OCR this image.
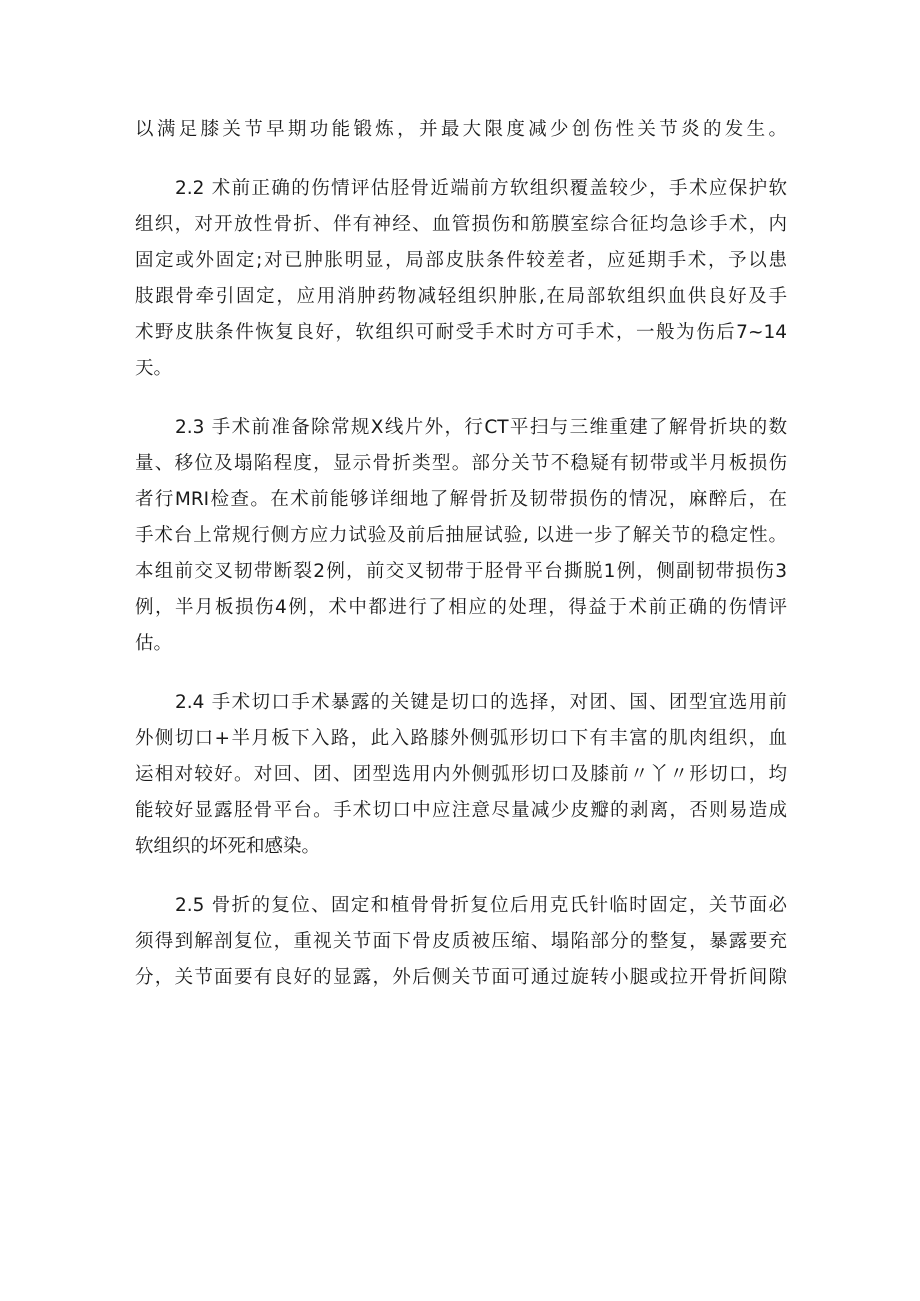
以满足膝关节早期功能锻炼，并最大限度减少创伤性关节炎的发生。
2.2 术前正确的伤情评估胫骨近端前方软组织覆盖较少，手术应保护软
组织，对开放性骨折、伴有神经、血管损伤和筋膜室综合征均急诊手术，内
固定或外固定;对已肿胀明显，局部皮肤条件较差者，应延期手术，予以患
肢跟骨牵引固定，应用消肿药物减轻组织肿胀,在局部软组织血供良好及手
术野皮肤条件恢复良好，软组织可耐受手术时方可手术，一般为伤后7~14
天。
2.3 手术前准备除常规X线片外，行CT平扫与三维重建了解骨折块的数
量、移位及塌陷程度，显示骨折类型。部分关节不稳疑有韧带或半月板损伤
者行MRI检查。在术前能够详细地了解骨折及韧带损伤的情况，麻醉后，在
手术台上常规行侧方应力试验及前后抽屉试验, 以进一步了解关节的稳定性。
本组前交叉韧带断裂2例，前交叉韧带于胫骨平台撕脱1例，侧副韧带损伤3
例，半月板损伤4例，术中都进行了相应的处理，得益于术前正确的伤情评
估。
2.4 手术切口手术暴露的关键是切口的选择，对团、国、团型宜选用前
外侧切口+半月板下入路，此入路膝外侧弧形切口下有丰富的肌肉组织，血
运相对较好。对回、团、团型选用内外侧弧形切口及膝前〃丫〃形切口，均
能较好显露胫骨平台。手术切口中应注意尽量减少皮瓣的剥离，否则易造成
软组织的坏死和感染。
2.5 骨折的复位、固定和植骨骨折复位后用克氏针临时固定，关节面必
须得到解剖复位，重视关节面下骨皮质被压缩、塌陷部分的整复，暴露要充
分，关节面要有良好的显露，外后侧关节面可通过旋转小腿或拉开骨折间隙
